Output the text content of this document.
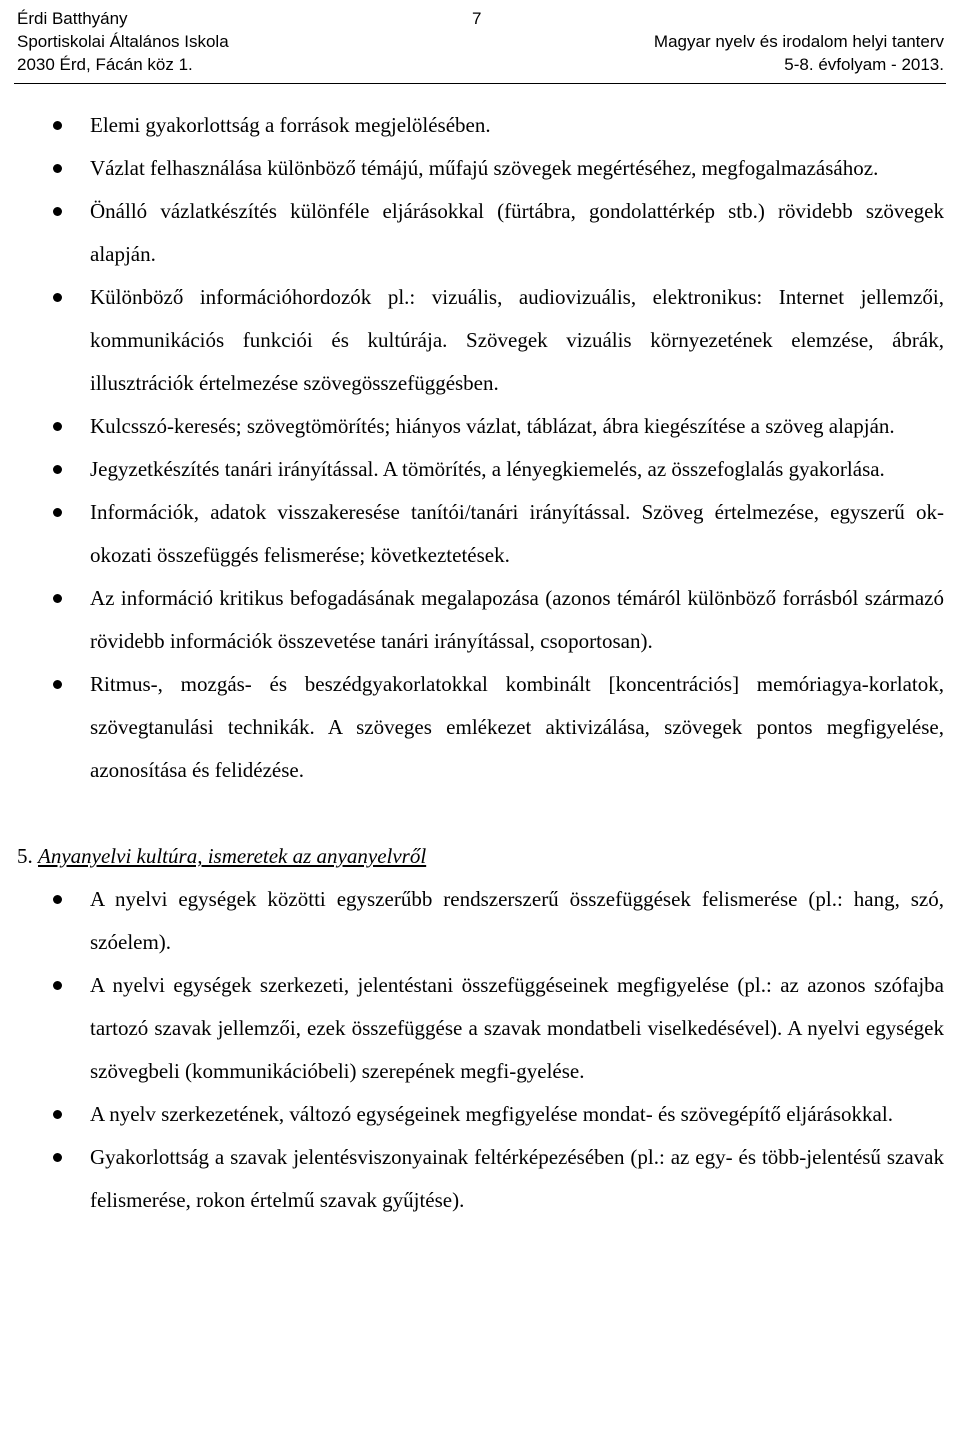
Érdi Batthyány
Sportiskolai Általános Iskola
2030 Érd, Fácán köz 1.
7
Magyar nyelv és irodalom helyi tanterv
5-8. évfolyam - 2013.
Elemi gyakorlottság a források megjelölésében.
Vázlat felhasználása különböző témájú, műfajú szövegek megértéséhez, megfogalmazásához.
Önálló vázlatkészítés különféle eljárásokkal (fürtábra, gondolattérkép stb.) rövidebb szövegek alapján.
Különböző információhordozók pl.: vizuális, audiovizuális, elektronikus: Internet jellemzői, kommunikációs funkciói és kultúrája. Szövegek vizuális környezetének elemzése, ábrák, illusztrációk értelmezése szövegösszefüggésben.
Kulcsszó-keresés; szövegtömörítés; hiányos vázlat, táblázat, ábra kiegészítése a szöveg alapján.
Jegyzetkészítés tanári irányítással. A tömörítés, a lényegkiemelés, az összefoglalás gyakorlása.
Információk, adatok visszakeresése tanítói/tanári irányítással. Szöveg értelmezése, egyszerű ok-okozati összefüggés felismerése; következtetések.
Az információ kritikus befogadásának megalapozása (azonos témáról különböző forrásból származó rövidebb információk összevetése tanári irányítással, csoportosan).
Ritmus-, mozgás- és beszédgyakorlatokkal kombinált [koncentrációs] memóriagya-korlatok, szövegtanulási technikák. A szöveges emlékezet aktivizálása, szövegek pontos megfigyelése, azonosítása és felidézése.
5. Anyanyelvi kultúra, ismeretek az anyanyelvről
A nyelvi egységek közötti egyszerűbb rendszerszerű összefüggések felismerése (pl.: hang, szó, szóelem).
A nyelvi egységek szerkezeti, jelentéstani összefüggéseinek megfigyelése (pl.: az azonos szófajba tartozó szavak jellemzői, ezek összefüggése a szavak mondatbeli viselkedésével). A nyelvi egységek szövegbeli (kommunikációbeli) szerepének megfi-gyelése.
A nyelv szerkezetének, változó egységeinek megfigyelése mondat- és szövegépítő eljárásokkal.
Gyakorlottság a szavak jelentésviszonyainak feltérképezésében (pl.: az egy- és több-jelentésű szavak felismerése, rokon értelmű szavak gyűjtése).
